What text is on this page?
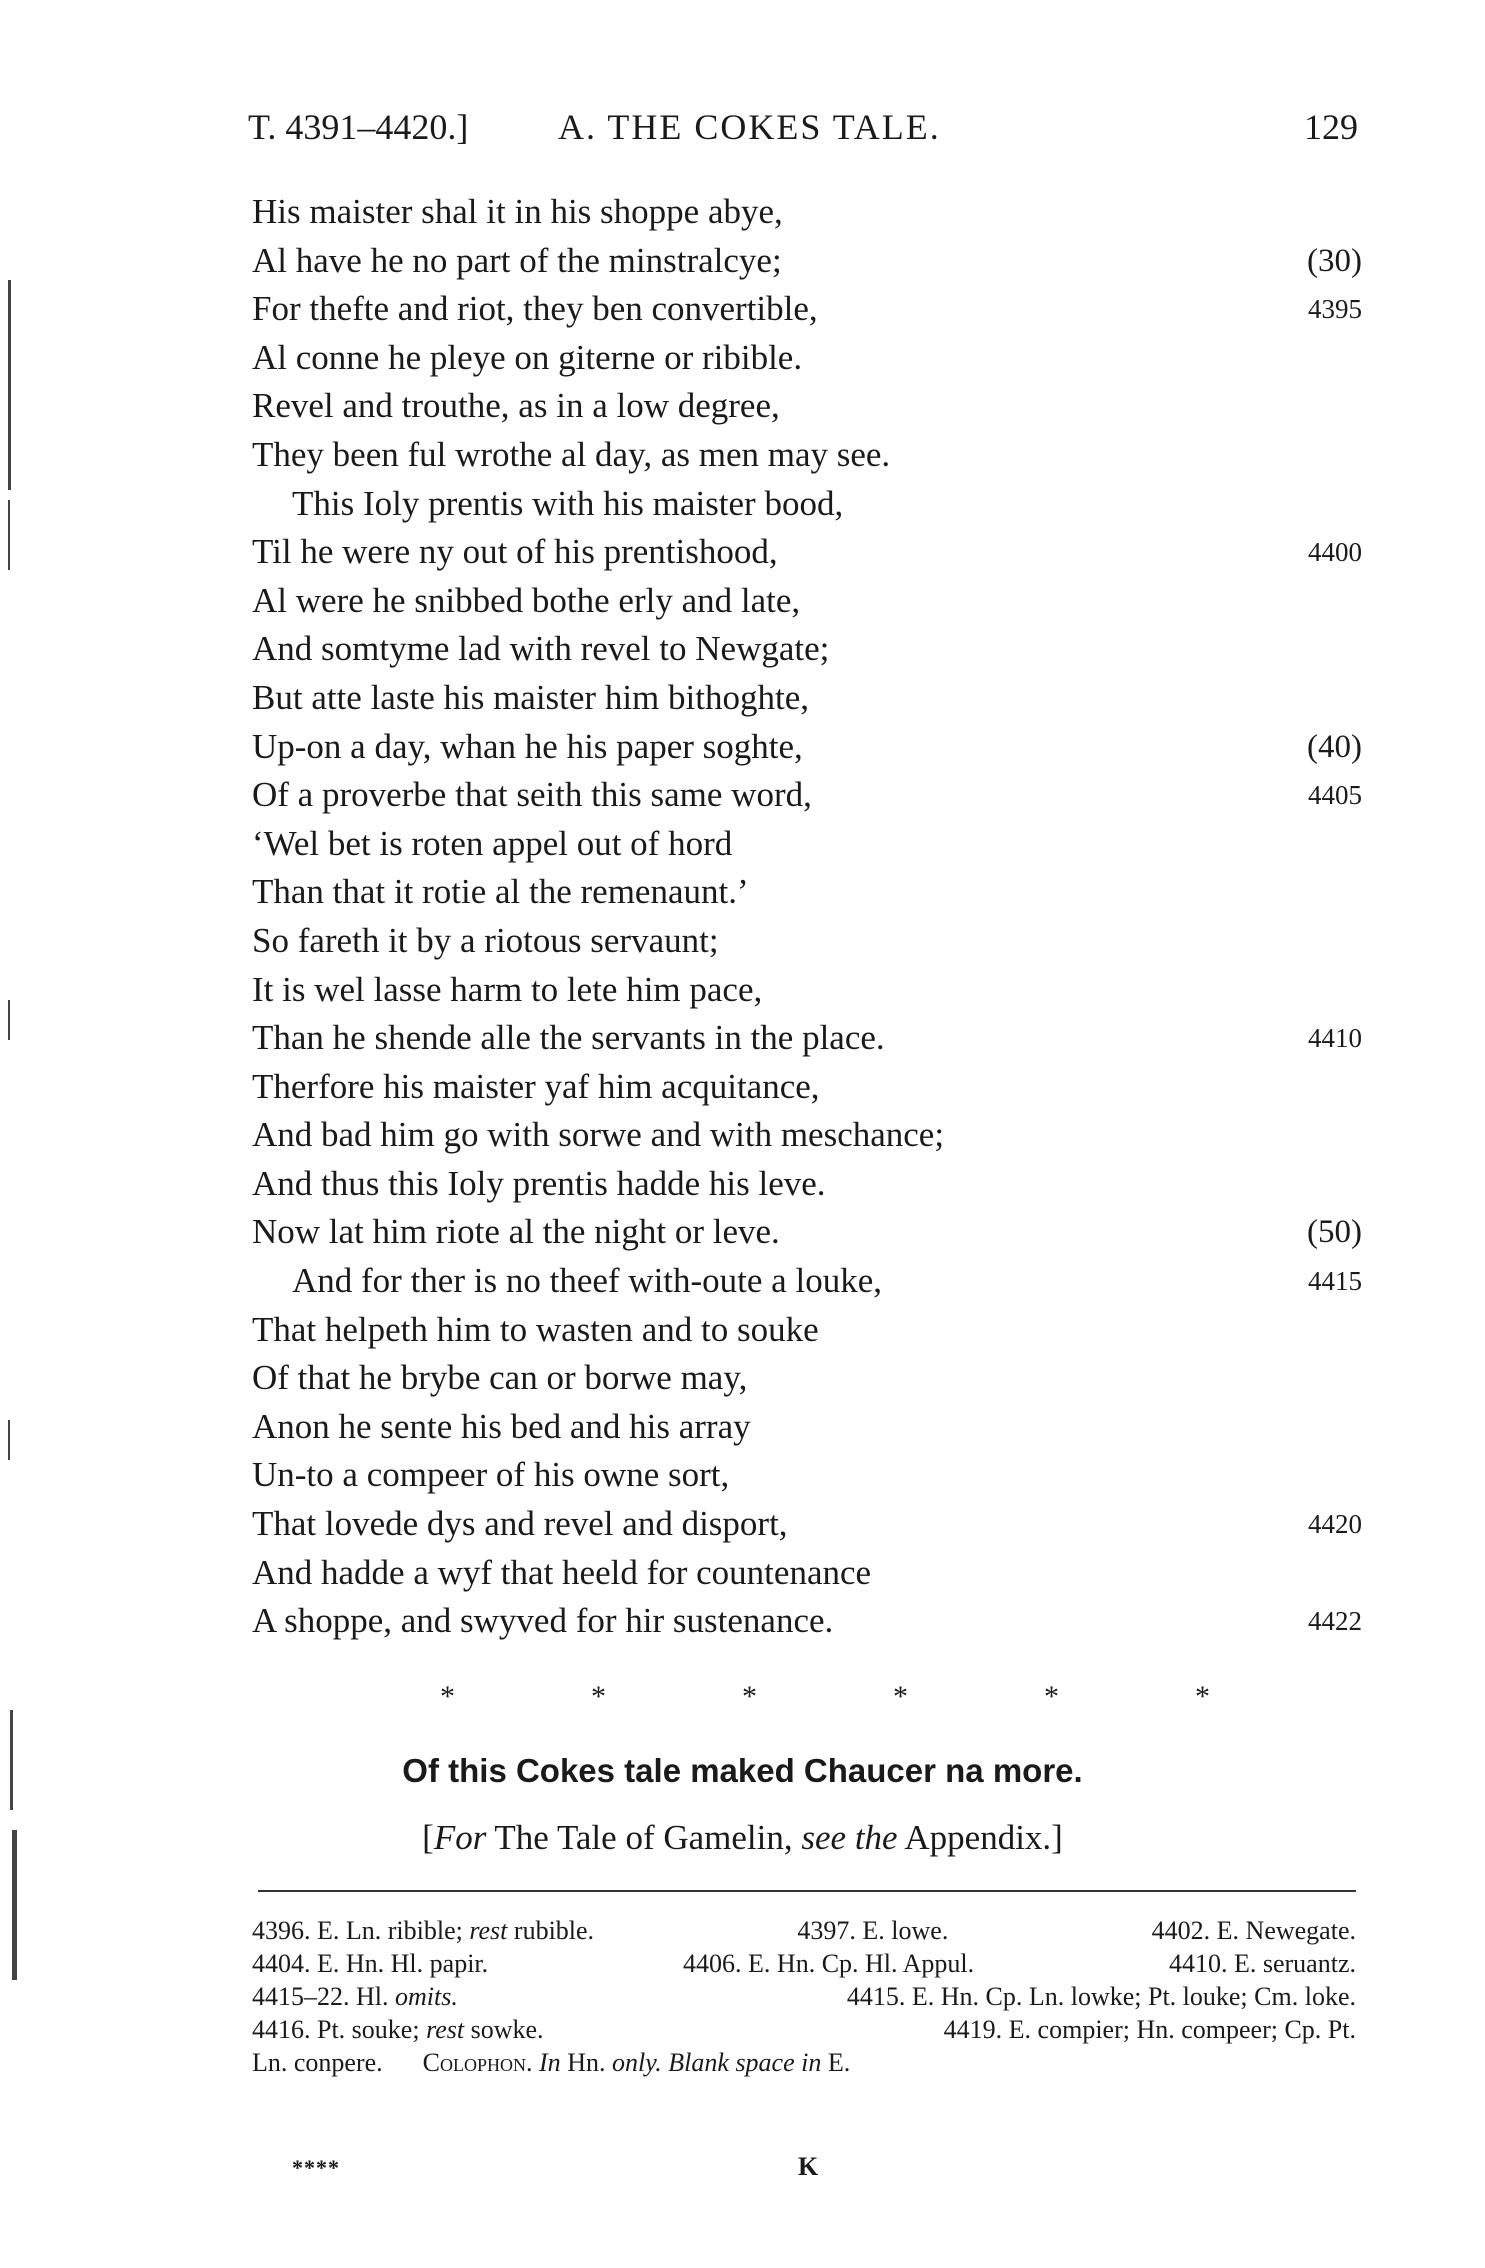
T. 4391–4420.] A. THE COKES TALE.	129
His maister shal it in his shoppe abye,
Al have he no part of the minstralcye;	(30)
For thefte and riot, they ben convertible,	4395
Al conne he pleye on giterne or ribible.
Revel and trouthe, as in a low degree,
They been ful wrothe al day, as men may see.
This Ioly prentis with his maister bood,
Til he were ny out of his prentishood,	4400
Al were he snibbed bothe erly and late,
And somtyme lad with revel to Newgate;
But atte laste his maister him bithoghte,
Up-on a day, whan he his paper soghte,	(40)
Of a proverbe that seith this same word,	4405
‘Wel bet is roten appel out of hord
Than that it rotie al the remenaunt.’
So fareth it by a riotous servaunt;
It is wel lasse harm to lete him pace,
Than he shende alle the servants in the place.	4410
Therfore his maister yaf him acquitance,
And bad him go with sorwe and with meschance;
And thus this Ioly prentis hadde his leve.
Now lat him riote al the night or leve.	(50)
And for ther is no theef with-oute a louke,	4415
That helpeth him to wasten and to souke
Of that he brybe can or borwe may,
Anon he sente his bed and his array
Un-to a compeer of his owne sort,
That lovede dys and revel and disport,	4420
And hadde a wyf that heeld for countenance
A shoppe, and swyved for hir sustenance.	4422
*	*	*	*	*	*
Of this Cokes tale maked Chaucer na more.
[For The Tale of Gamelin, see the Appendix.]
4396. E. Ln. ribible; rest rubible.	4397. E. lowe.	4402. E. Newegate.
4404. E. Hn. Hl. papir.	4406. E. Hn. Cp. Hl. Appul.	4410. E. seruantz.
4415–22. Hl. omits.	4415. E. Hn. Cp. Ln. lowke; Pt. louke; Cm. loke.
4416. Pt. souke; rest sowke.	4419. E. compier; Hn. compeer; Cp. Pt.
Ln. conpere. Colophon. In Hn. only. Blank space in E.
****	K
